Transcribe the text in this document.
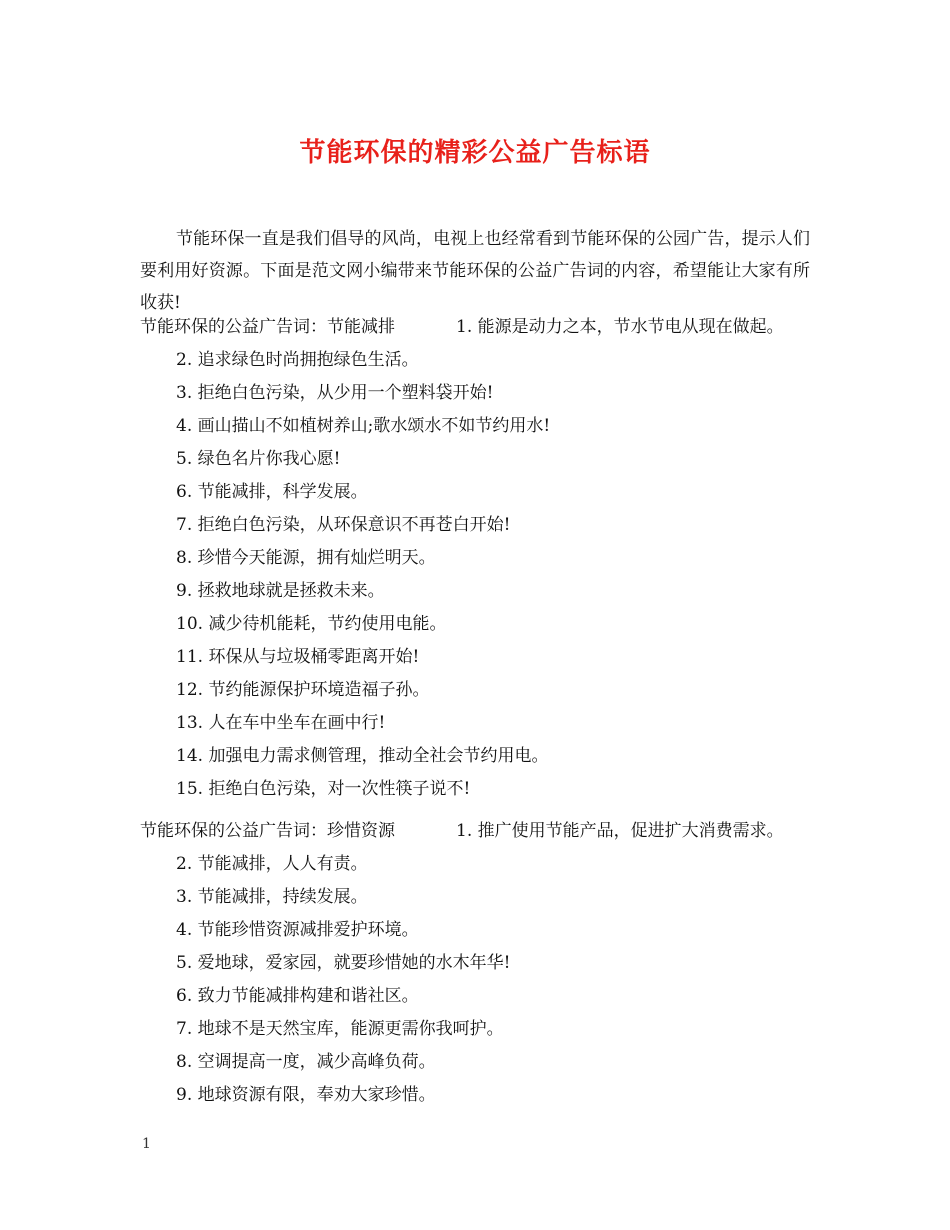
节能环保的精彩公益广告标语

节能环保一直是我们倡导的风尚，电视上也经常看到节能环保的公园广告，提示人们要利用好资源。下面是范文网小编带来节能环保的公益广告词的内容，希望能让大家有所收获!

节能环保的公益广告词：节能减排	1. 能源是动力之本，节水节电从现在做起。
2. 追求绿色时尚拥抱绿色生活。
3. 拒绝白色污染，从少用一个塑料袋开始!
4. 画山描山不如植树养山;歌水颂水不如节约用水!
5. 绿色名片你我心愿!
6. 节能减排，科学发展。
7. 拒绝白色污染，从环保意识不再苍白开始!
8. 珍惜今天能源，拥有灿烂明天。
9. 拯救地球就是拯救未来。
10. 减少待机能耗，节约使用电能。
11. 环保从与垃圾桶零距离开始!
12. 节约能源保护环境造福子孙。
13. 人在车中坐车在画中行!
14. 加强电力需求侧管理，推动全社会节约用电。
15. 拒绝白色污染，对一次性筷子说不!
节能环保的公益广告词：珍惜资源	1. 推广使用节能产品，促进扩大消费需求。
2. 节能减排，人人有责。
3. 节能减排，持续发展。
4. 节能珍惜资源减排爱护环境。
5. 爱地球，爱家园，就要珍惜她的水木年华!
6. 致力节能减排构建和谐社区。
7. 地球不是天然宝库，能源更需你我呵护。
8. 空调提高一度，减少高峰负荷。
9. 地球资源有限，奉劝大家珍惜。
1
